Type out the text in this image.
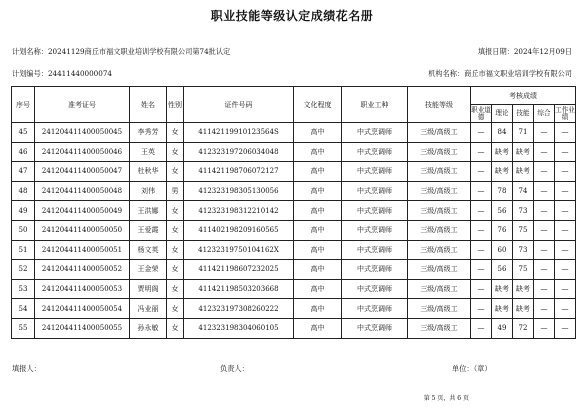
职业技能等级认定成绩花名册
计划名称：20241129商丘市福文职业培训学校有限公司第74批认定	填报日期：2024年12月09日
计划编号：24411440000074	机构名称：商丘市福文职业培训学校有限公司
序号	准考证号	姓名	性别	证件号码	文化程度	职业工种	技能等级	考核成绩				
								职业道德	理论	技能	综合	工作业绩
45	241204411400050045	李秀芳	女	41142119910123564S	高中	中式烹调师	三级/高级工	—	84	71	—	—
46	241204411400050046	王英	女	412323197206034048	高中	中式烹调师	三级/高级工	—	缺考	缺考	—	—
47	241204411400050047	杜秋华	女	411421198706072127	高中	中式烹调师	三级/高级工	—	缺考	缺考	—	—
48	241204411400050048	刘伟	男	412323198305130056	高中	中式烹调师	三级/高级工	—	78	74	—	—
49	241204411400050049	王洪娜	女	412323198312210142	高中	中式烹调师	三级/高级工	—	56	73	—	—
50	241204411400050050	王爱霞	女	411402198209160565	高中	中式烹调师	三级/高级工	—	76	75	—	—
51	241204411400050051	杨文英	女	41232319750104162X	高中	中式烹调师	三级/高级工	—	60	73	—	—
52	241204411400050052	王金荣	女	411421198607232025	高中	中式烹调师	三级/高级工	—	56	75	—	—
53	241204411400050053	贾明阁	女	411421198503203668	高中	中式烹调师	三级/高级工	—	缺考	缺考	—	—
54	241204411400050054	冯业丽	女	412323197308260222	高中	中式烹调师	三级/高级工	—	缺考	缺考	—	—
55	241204411400050055	孙永敏	女	412323198304060105	高中	中式烹调师	三级/高级工	—	49	72	—	—
填报人：	负责人：	单位：（章）
第 5 页，共 6 页
